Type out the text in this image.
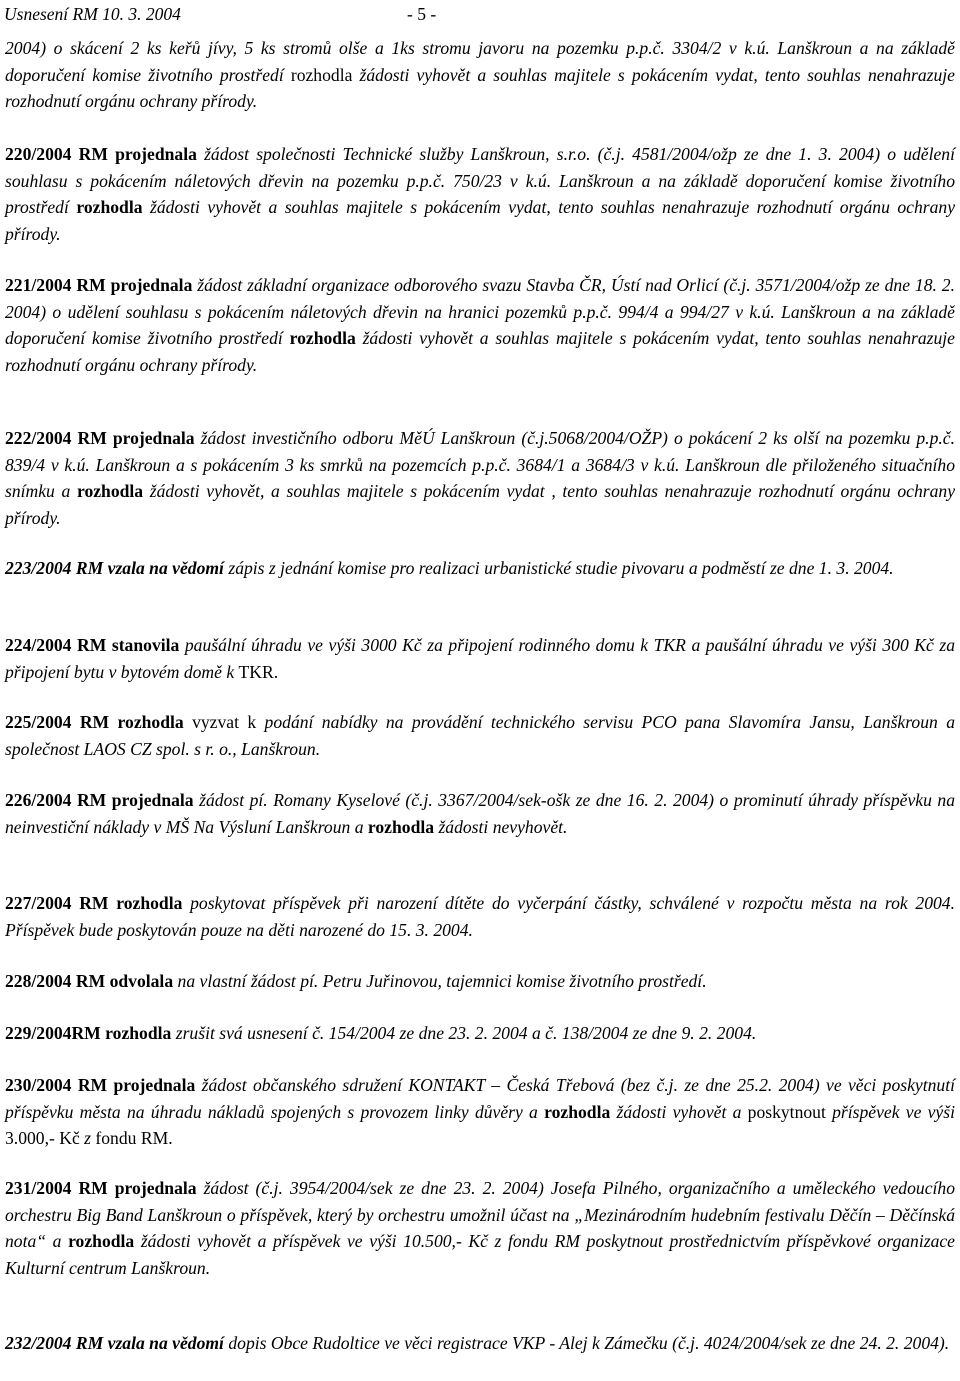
Usnesení RM 10. 3. 2004	- 5 -
2004) o skácení 2 ks keřů jívy, 5 ks stromů olše a 1ks stromu javoru na pozemku p.p.č. 3304/2 v k.ú. Lanškroun a na základě doporučení komise životního prostředí rozhodla žádosti vyhovět a souhlas majitele s pokácením vydat, tento souhlas nenahrazuje rozhodnutí orgánu ochrany přírody.
220/2004 RM projednala žádost společnosti Technické služby Lanškroun, s.r.o. (č.j. 4581/2004/ožp ze dne 1. 3. 2004) o udělení souhlasu s pokácením náletových dřevin na pozemku p.p.č. 750/23 v k.ú. Lanškroun a na základě doporučení komise životního prostředí rozhodla žádosti vyhovět a souhlas majitele s pokácením vydat, tento souhlas nenahrazuje rozhodnutí orgánu ochrany přírody.
221/2004 RM projednala žádost základní organizace odborového svazu Stavba ČR, Ústí nad Orlicí (č.j. 3571/2004/ožp ze dne 18. 2. 2004) o udělení souhlasu s pokácením náletových dřevin na hranici pozemků p.p.č. 994/4 a 994/27 v k.ú. Lanškroun a na základě doporučení komise životního prostředí rozhodla žádosti vyhovět a souhlas majitele s pokácením vydat, tento souhlas nenahrazuje rozhodnutí orgánu ochrany přírody.
222/2004 RM projednala žádost investičního odboru MěÚ Lanškroun (č.j.5068/2004/OŽP) o pokácení 2 ks olší na pozemku p.p.č. 839/4 v k.ú. Lanškroun a s pokácením 3 ks smrků na pozemcích p.p.č. 3684/1 a 3684/3 v k.ú. Lanškroun dle přiloženého situačního snímku a rozhodla žádosti vyhovět, a souhlas majitele s pokácením vydat , tento souhlas nenahrazuje rozhodnutí orgánu ochrany přírody.
223/2004 RM vzala na vědomí zápis z jednání komise pro realizaci urbanistické studie pivovaru a podměstí ze dne 1. 3. 2004.
224/2004 RM stanovila paušální úhradu ve výši 3000 Kč za připojení rodinného domu k TKR a paušální úhradu ve výši 300 Kč za připojení bytu v bytovém domě k TKR.
225/2004 RM rozhodla vyzvat k podání nabídky na provádění technického servisu PCO pana Slavomíra Jansu, Lanškroun a společnost LAOS CZ spol. s r. o., Lanškroun.
226/2004 RM projednala žádost pí. Romany Kyselové (č.j. 3367/2004/sek-ošk ze dne 16. 2. 2004) o prominutí úhrady příspěvku na neinvestiční náklady v MŠ Na Výsluní Lanškroun a rozhodla žádosti nevyhovět.
227/2004 RM rozhodla poskytovat příspěvek při narození dítěte do vyčerpání částky, schválené v rozpočtu města na rok 2004. Příspěvek bude poskytován pouze na děti narozené do 15. 3. 2004.
228/2004 RM odvolala na vlastní žádost pí. Petru Juřinovou, tajemnici komise životního prostředí.
229/2004RM rozhodla zrušit svá usnesení č. 154/2004 ze dne 23. 2. 2004 a č. 138/2004 ze dne 9. 2. 2004.
230/2004 RM projednala žádost občanského sdružení KONTAKT – Česká Třebová (bez č.j. ze dne 25.2. 2004) ve věci poskytnutí příspěvku města na úhradu nákladů spojených s provozem linky důvěry a rozhodla žádosti vyhovět a poskytnout příspěvek ve výši 3.000,- Kč z fondu RM.
231/2004 RM projednala žádost (č.j. 3954/2004/sek ze dne 23. 2. 2004) Josefa Pilného, organizačního a uměleckého vedoucího orchestru Big Band Lanškroun o příspěvek, který by orchestru umožnil účast na „Mezinárodním hudebním festivalu Děčín – Děčínská nota“ a rozhodla žádosti vyhovět a příspěvek ve výši 10.500,- Kč z fondu RM poskytnout prostřednictvím příspěvkové organizace Kulturní centrum Lanškroun.
232/2004 RM vzala na vědomí dopis Obce Rudoltice ve věci registrace VKP - Alej k Zámečku (č.j. 4024/2004/sek ze dne 24. 2. 2004).
